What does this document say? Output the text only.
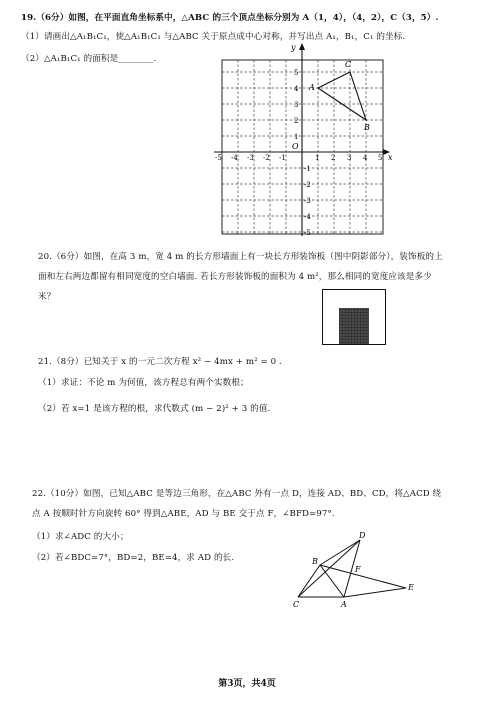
19.（6分）如图，在平面直角坐标系中，△ABC 的三个顶点坐标分别为 A（1，4），（4，2），C（3，5）.
（1）请画出△A₁B₁C₁，使△A₁B₁C₁ 与△ABC 关于原点成中心对称，并写出点 A₁，B₁，C₁ 的坐标.
（2）△A₁B₁C₁ 的面积是________.
x
y
O
-5 -4 -3 -2 -1	1 2 3 4 5
5
4
3
2
1
-1
-2
-3
-4
-5
A
B
C
20.（6分）如图，在高 3 m，宽 4 m 的长方形墙面上有一块长方形装饰板（图中阴影部分），装饰板的上
面和左右两边都留有相同宽度的空白墙面. 若长方形装饰板的面积为 4 m²，那么相同的宽度应该是多少
米？
21.（8分）已知关于 x 的一元二次方程 x² − 4mx + m² = 0 .
（1）求证：不论 m 为何值，该方程总有两个实数根；
（2）若 x=1 是该方程的根，求代数式 (m − 2)² + 3 的值.
22.（10分）如图，已知△ABC 是等边三角形，在△ABC 外有一点 D，连接 AD、BD、CD，将△ACD 绕
点 A 按顺时针方向旋转 60° 得到△ABE，AD 与 BE 交于点 F，∠BFD=97°.
（1）求∠ADC 的大小；
（2）若∠BDC=7°，BD=2，BE=4，求 AD 的长.
D
B
F
E
C	A
第3页，共4页
